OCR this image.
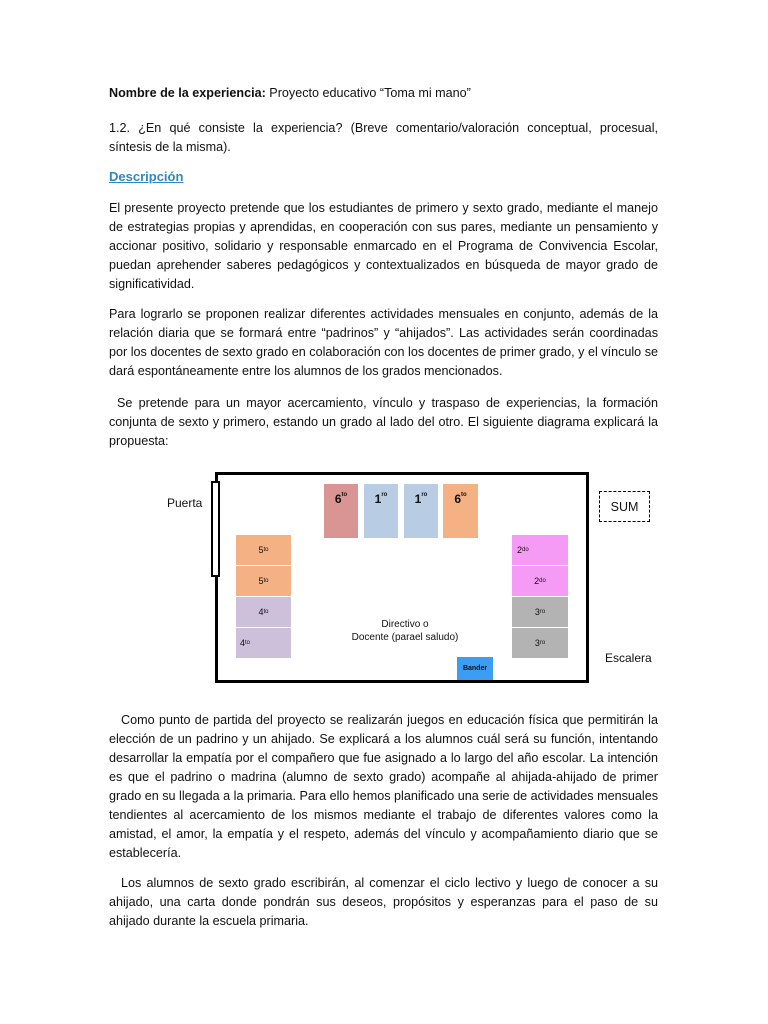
Nombre de la experiencia: Proyecto educativo “Toma mi mano”
1.2. ¿En qué consiste la experiencia? (Breve comentario/valoración conceptual, procesual, síntesis de la misma).
Descripción
El presente proyecto pretende que los estudiantes de primero y sexto grado, mediante el manejo de estrategias propias y aprendidas, en cooperación con sus pares, mediante un pensamiento y accionar positivo, solidario y responsable enmarcado en el Programa de Convivencia Escolar, puedan aprehender saberes pedagógicos y contextualizados en búsqueda de mayor grado de significatividad.
Para lograrlo se proponen realizar diferentes actividades mensuales en conjunto, además de la relación diaria que se formará entre “padrinos” y “ahijados”. Las actividades serán coordinadas por los docentes de sexto grado en colaboración con los docentes de primer grado, y el vínculo se dará espontáneamente entre los alumnos de los grados mencionados.
Se pretende para un mayor acercamiento, vínculo y traspaso de experiencias, la formación conjunta de sexto y primero, estando un grado al lado del otro. El siguiente diagrama explicará la propuesta:
Puerta	SUM
Escalera
$6^{to}$ $1^{ro}$ $1^{ro}$ $6^{to}$
5 to
5 to
4 to
4 to
2 do
2 do
3 ro
3 ro
Directivo o
Docente (parael saludo)
Bander
Como punto de partida del proyecto se realizarán juegos en educación física que permitirán la elección de un padrino y un ahijado. Se explicará a los alumnos cuál será su función, intentando desarrollar la empatía por el compañero que fue asignado a lo largo del año escolar. La intención es que el padrino o madrina (alumno de sexto grado) acompañe al ahijada-ahijado de primer grado en su llegada a la primaria. Para ello hemos planificado una serie de actividades mensuales tendientes al acercamiento de los mismos mediante el trabajo de diferentes valores como la amistad, el amor, la empatía y el respeto, además del vínculo y acompañamiento diario que se establecería.
Los alumnos de sexto grado escribirán, al comenzar el ciclo lectivo y luego de conocer a su ahijado, una carta donde pondrán sus deseos, propósitos y esperanzas para el paso de su ahijado durante la escuela primaria.
